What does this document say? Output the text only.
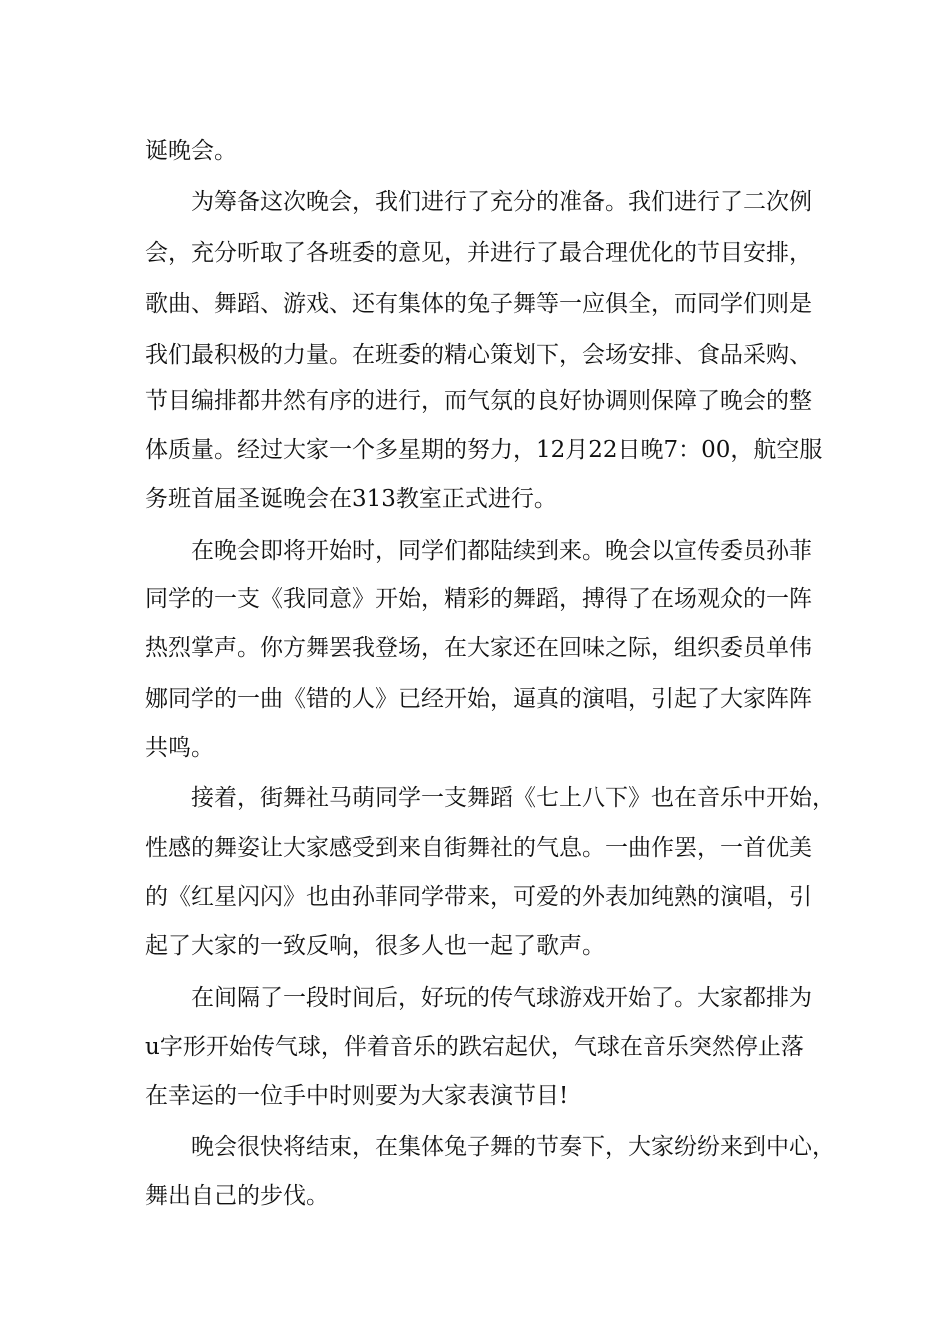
诞晚会。
为筹备这次晚会，我们进行了充分的准备。我们进行了二次例
会，充分听取了各班委的意见，并进行了最合理优化的节目安排，
歌曲、舞蹈、游戏、还有集体的兔子舞等一应俱全，而同学们则是
我们最积极的力量。在班委的精心策划下，会场安排、食品采购、
节目编排都井然有序的进行，而气氛的良好协调则保障了晚会的整
体质量。经过大家一个多星期的努力，12月22日晚7：00，航空服
务班首届圣诞晚会在313教室正式进行。
在晚会即将开始时，同学们都陆续到来。晚会以宣传委员孙菲
同学的一支《我同意》开始，精彩的舞蹈，搏得了在场观众的一阵
热烈掌声。你方舞罢我登场，在大家还在回味之际，组织委员单伟
娜同学的一曲《错的人》已经开始，逼真的演唱，引起了大家阵阵
共鸣。
接着，街舞社马萌同学一支舞蹈《七上八下》也在音乐中开始，
性感的舞姿让大家感受到来自街舞社的气息。一曲作罢，一首优美
的《红星闪闪》也由孙菲同学带来，可爱的外表加纯熟的演唱，引
起了大家的一致反响，很多人也一起了歌声。
在间隔了一段时间后，好玩的传气球游戏开始了。大家都排为
u字形开始传气球，伴着音乐的跌宕起伏，气球在音乐突然停止落
在幸运的一位手中时则要为大家表演节目!
晚会很快将结束，在集体兔子舞的节奏下，大家纷纷来到中心，
舞出自己的步伐。
